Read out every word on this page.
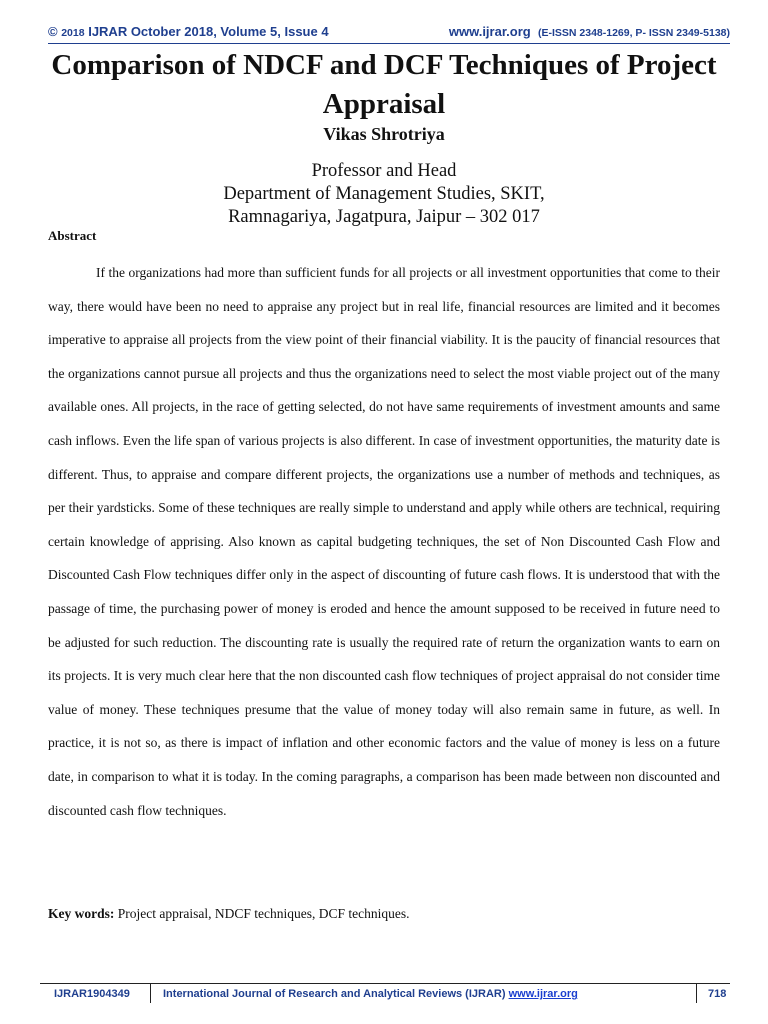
© 2018 IJRAR October 2018, Volume 5, Issue 4	www.ijrar.org (E-ISSN 2348-1269, P- ISSN 2349-5138)
Comparison of NDCF and DCF Techniques of Project Appraisal
Vikas Shrotriya
Professor and Head
Department of Management Studies, SKIT,
Ramnagariya, Jagatpura, Jaipur – 302 017
Abstract

If the organizations had more than sufficient funds for all projects or all investment opportunities that come to their way, there would have been no need to appraise any project but in real life, financial resources are limited and it becomes imperative to appraise all projects from the view point of their financial viability. It is the paucity of financial resources that the organizations cannot pursue all projects and thus the organizations need to select the most viable project out of the many available ones. All projects, in the race of getting selected, do not have same requirements of investment amounts and same cash inflows. Even the life span of various projects is also different. In case of investment opportunities, the maturity date is different. Thus, to appraise and compare different projects, the organizations use a number of methods and techniques, as per their yardsticks. Some of these techniques are really simple to understand and apply while others are technical, requiring certain knowledge of apprising. Also known as capital budgeting techniques, the set of Non Discounted Cash Flow and Discounted Cash Flow techniques differ only in the aspect of discounting of future cash flows. It is understood that with the passage of time, the purchasing power of money is eroded and hence the amount supposed to be received in future need to be adjusted for such reduction. The discounting rate is usually the required rate of return the organization wants to earn on its projects. It is very much clear here that the non discounted cash flow techniques of project appraisal do not consider time value of money. These techniques presume that the value of money today will also remain same in future, as well. In practice, it is not so, as there is impact of inflation and other economic factors and the value of money is less on a future date, in comparison to what it is today. In the coming paragraphs, a comparison has been made between non discounted and discounted cash flow techniques.

Key words: Project appraisal, NDCF techniques, DCF techniques.
IJRAR1904349	International Journal of Research and Analytical Reviews (IJRAR) www.ijrar.org	718
